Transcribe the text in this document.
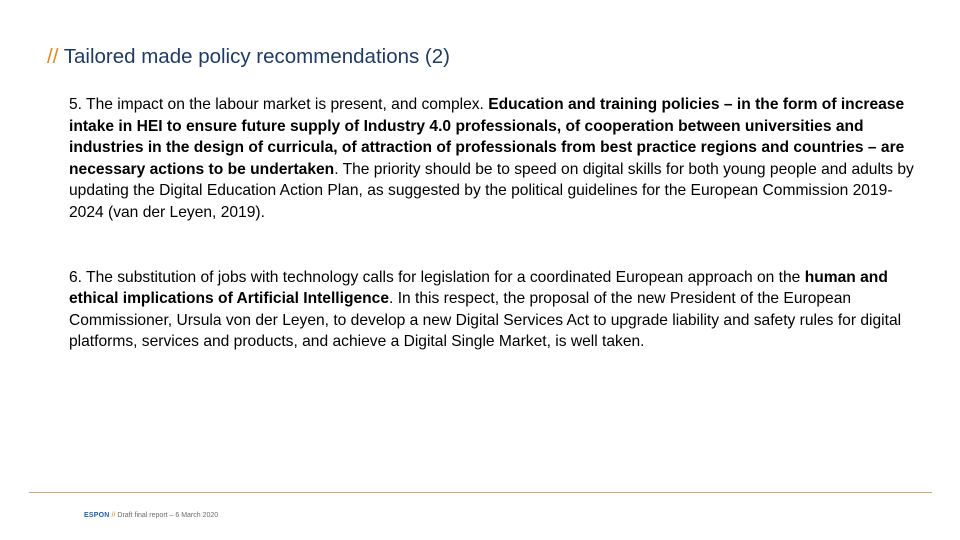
// Tailored made policy recommendations (2)

5. The impact on the labour market is present, and complex. Education and training policies – in the form of increase intake in HEI to ensure future supply of Industry 4.0 professionals, of cooperation between universities and industries in the design of curricula, of attraction of professionals from best practice regions and countries – are necessary actions to be undertaken. The priority should be to speed on digital skills for both young people and adults by updating the Digital Education Action Plan, as suggested by the political guidelines for the European Commission 2019-2024 (van der Leyen, 2019).

6. The substitution of jobs with technology calls for legislation for a coordinated European approach on the human and ethical implications of Artificial Intelligence. In this respect, the proposal of the new President of the European Commissioner, Ursula von der Leyen, to develop a new Digital Services Act to upgrade liability and safety rules for digital platforms, services and products, and achieve a Digital Single Market, is well taken.

ESPON // Draft final report – 6 March 2020
